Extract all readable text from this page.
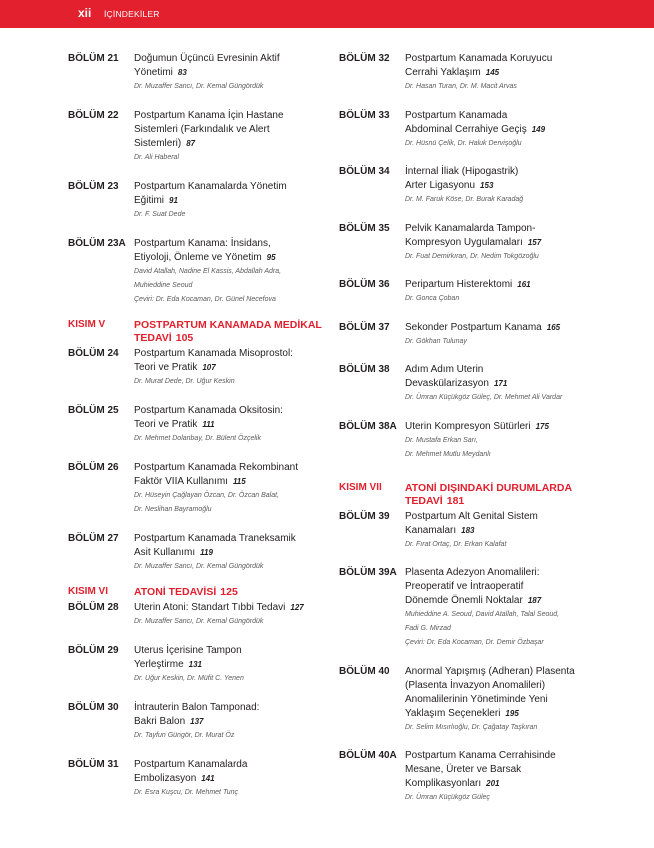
xii İÇİNDEKİLER
BÖLÜM 21 Doğumun Üçüncü Evresinin Aktif
Yönetimi 83
Dr. Muzaffer Sancı, Dr. Kemal Güngördük
BÖLÜM 22 Postpartum Kanama İçin Hastane
Sistemleri (Farkındalık ve Alert
Sistemleri) 87
Dr. Ali Haberal
BÖLÜM 23 Postpartum Kanamalarda Yönetim
Eğitimi 91
Dr. F. Suat Dede
BÖLÜM 23A Postpartum Kanama: İnsidans,
Etiyoloji, Önleme ve Yönetim 95
David Atallah, Nadine El Kassis, Abdallah Adra,
Muhieddine Seoud
Çeviri: Dr. Eda Kocaman, Dr. Günel Necefova
KISIM V	POSTPARTUM KANAMADA MEDİKAL
TEDAVİ 105
BÖLÜM 24 Postpartum Kanamada Misoprostol:
Teori ve Pratik 107
Dr. Murat Dede, Dr. Uğur Keskin
BÖLÜM 25 Postpartum Kanamada Oksitosin:
Teori ve Pratik 111
Dr. Mehmet Dolanbay, Dr. Bülent Özçelik
BÖLÜM 26 Postpartum Kanamada Rekombinant
Faktör VIIA Kullanımı 115
Dr. Hüseyin Çağlayan Özcan, Dr. Özcan Balat,
Dr. Neslihan Bayramoğlu
BÖLÜM 27 Postpartum Kanamada Traneksamik
Asit Kullanımı 119
Dr. Muzaffer Sancı, Dr. Kemal Güngördük
KISIM VI ATONİ TEDAVİSİ 125
BÖLÜM 28 Uterin Atoni: Standart Tıbbi Tedavi 127
Dr. Muzaffer Sancı, Dr. Kemal Güngördük
BÖLÜM 29 Uterus İçerisine Tampon
Yerleştirme 131
Dr. Uğur Keskin, Dr. Müfit C. Yenen
BÖLÜM 30 İntrauterin Balon Tamponad:
Bakri Balon 137
Dr. Tayfun Güngör, Dr. Murat Öz
BÖLÜM 31 Postpartum Kanamalarda
Embolizasyon 141
Dr. Esra Kuşcu, Dr. Mehmet Tunç
BÖLÜM 32 Postpartum Kanamada Koruyucu
Cerrahi Yaklaşım 145
Dr. Hasan Turan, Dr. M. Macit Arvas
BÖLÜM 33 Postpartum Kanamada
Abdominal Cerrahiye Geçiş 149
Dr. Hüsnü Çelik, Dr. Haluk Dervişoğlu
BÖLÜM 34 İnternal İliak (Hipogastrik)
Arter Ligasyonu 153
Dr. M. Faruk Köse, Dr. Burak Karadağ
BÖLÜM 35 Pelvik Kanamalarda Tampon-
Kompresyon Uygulamaları 157
Dr. Fuat Demirkıran, Dr. Nedim Tokgözoğlu
BÖLÜM 36 Peripartum Histerektomi 161
Dr. Gonca Çoban
BÖLÜM 37 Sekonder Postpartum Kanama 165
Dr. Gökhan Tulunay
BÖLÜM 38 Adım Adım Uterin
Devaskülarizasyon 171
Dr. Ümran Küçükgöz Güleç, Dr. Mehmet Ali Vardar
BÖLÜM 38A Uterin Kompresyon Sütürleri 175
Dr. Mustafa Erkan Sarı,
Dr. Mehmet Mutlu Meydanlı
KISIM VII ATONİ DIŞINDAKİ DURUMLARDA
TEDAVİ 181
BÖLÜM 39 Postpartum Alt Genital Sistem
Kanamaları 183
Dr. Fırat Ortaç, Dr. Erkan Kalafat
BÖLÜM 39A Plasenta Adezyon Anomalileri:
Preoperatif ve İntraoperatif
Dönemde Önemli Noktalar 187
Muhieddine A. Seoud, David Atallah, Talal Seoud,
Fadi G. Mirzad
Çeviri: Dr. Eda Kocaman, Dr. Demir Özbaşar
BÖLÜM 40 Anormal Yapışmış (Adheran) Plasenta
(Plasenta İnvazyon Anomalileri)
Anomalilerinin Yönetiminde Yeni
Yaklaşım Seçenekleri 195
Dr. Selim Mısırlıoğlu, Dr. Çağatay Taşkıran
BÖLÜM 40A Postpartum Kanama Cerrahisinde
Mesane, Üreter ve Barsak
Komplikasyonları 201
Dr. Ümran Küçükgöz Güleç
